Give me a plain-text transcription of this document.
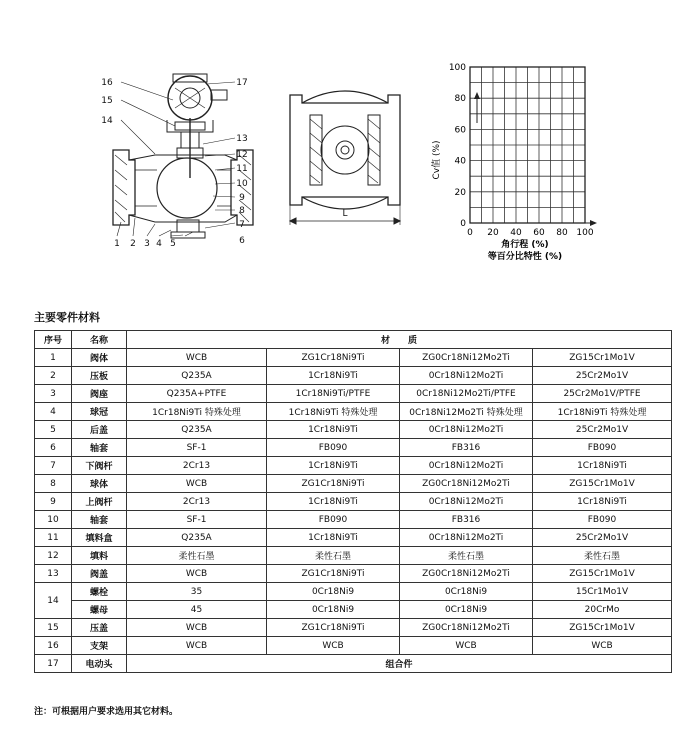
16
15
14
17
13
12
11
10
9
8
7
6
1 2 3 4 5
L
0
20
40
60
80
100
0 20 40 60 80 100
Cv值 (%)
角行程 (%)
等百分比特性 (%)
主要零件材料
序号	名称	材　　质			
1	阀体	WCB	ZG1Cr18Ni9Ti	ZG0Cr18Ni12Mo2Ti	ZG15Cr1Mo1V
2	压板	Q235A	1Cr18Ni9Ti	0Cr18Ni12Mo2Ti	25Cr2Mo1V
3	阀座	Q235A+PTFE	1Cr18Ni9Ti/PTFE	0Cr18Ni12Mo2Ti/PTFE	25Cr2Mo1V/PTFE
4	球冠	1Cr18Ni9Ti 特殊处理	1Cr18Ni9Ti 特殊处理	0Cr18Ni12Mo2Ti 特殊处理	1Cr18Ni9Ti 特殊处理
5	后盖	Q235A	1Cr18Ni9Ti	0Cr18Ni12Mo2Ti	25Cr2Mo1V
6	轴套	SF-1	FB090	FB316	FB090
7	下阀杆	2Cr13	1Cr18Ni9Ti	0Cr18Ni12Mo2Ti	1Cr18Ni9Ti
8	球体	WCB	ZG1Cr18Ni9Ti	ZG0Cr18Ni12Mo2Ti	ZG15Cr1Mo1V
9	上阀杆	2Cr13	1Cr18Ni9Ti	0Cr18Ni12Mo2Ti	1Cr18Ni9Ti
10	轴套	SF-1	FB090	FB316	FB090
11	填料盒	Q235A	1Cr18Ni9Ti	0Cr18Ni12Mo2Ti	25Cr2Mo1V
12	填料	柔性石墨	柔性石墨	柔性石墨	柔性石墨
13	阀盖	WCB	ZG1Cr18Ni9Ti	ZG0Cr18Ni12Mo2Ti	ZG15Cr1Mo1V
14	螺栓	35	0Cr18Ni9	0Cr18Ni9	15Cr1Mo1V
	螺母	45	0Cr18Ni9	0Cr18Ni9	20CrMo
15	压盖	WCB	ZG1Cr18Ni9Ti	ZG0Cr18Ni12Mo2Ti	ZG15Cr1Mo1V
16	支架	WCB	WCB	WCB	WCB
17	电动头	组合件			
注：可根据用户要求选用其它材料。
